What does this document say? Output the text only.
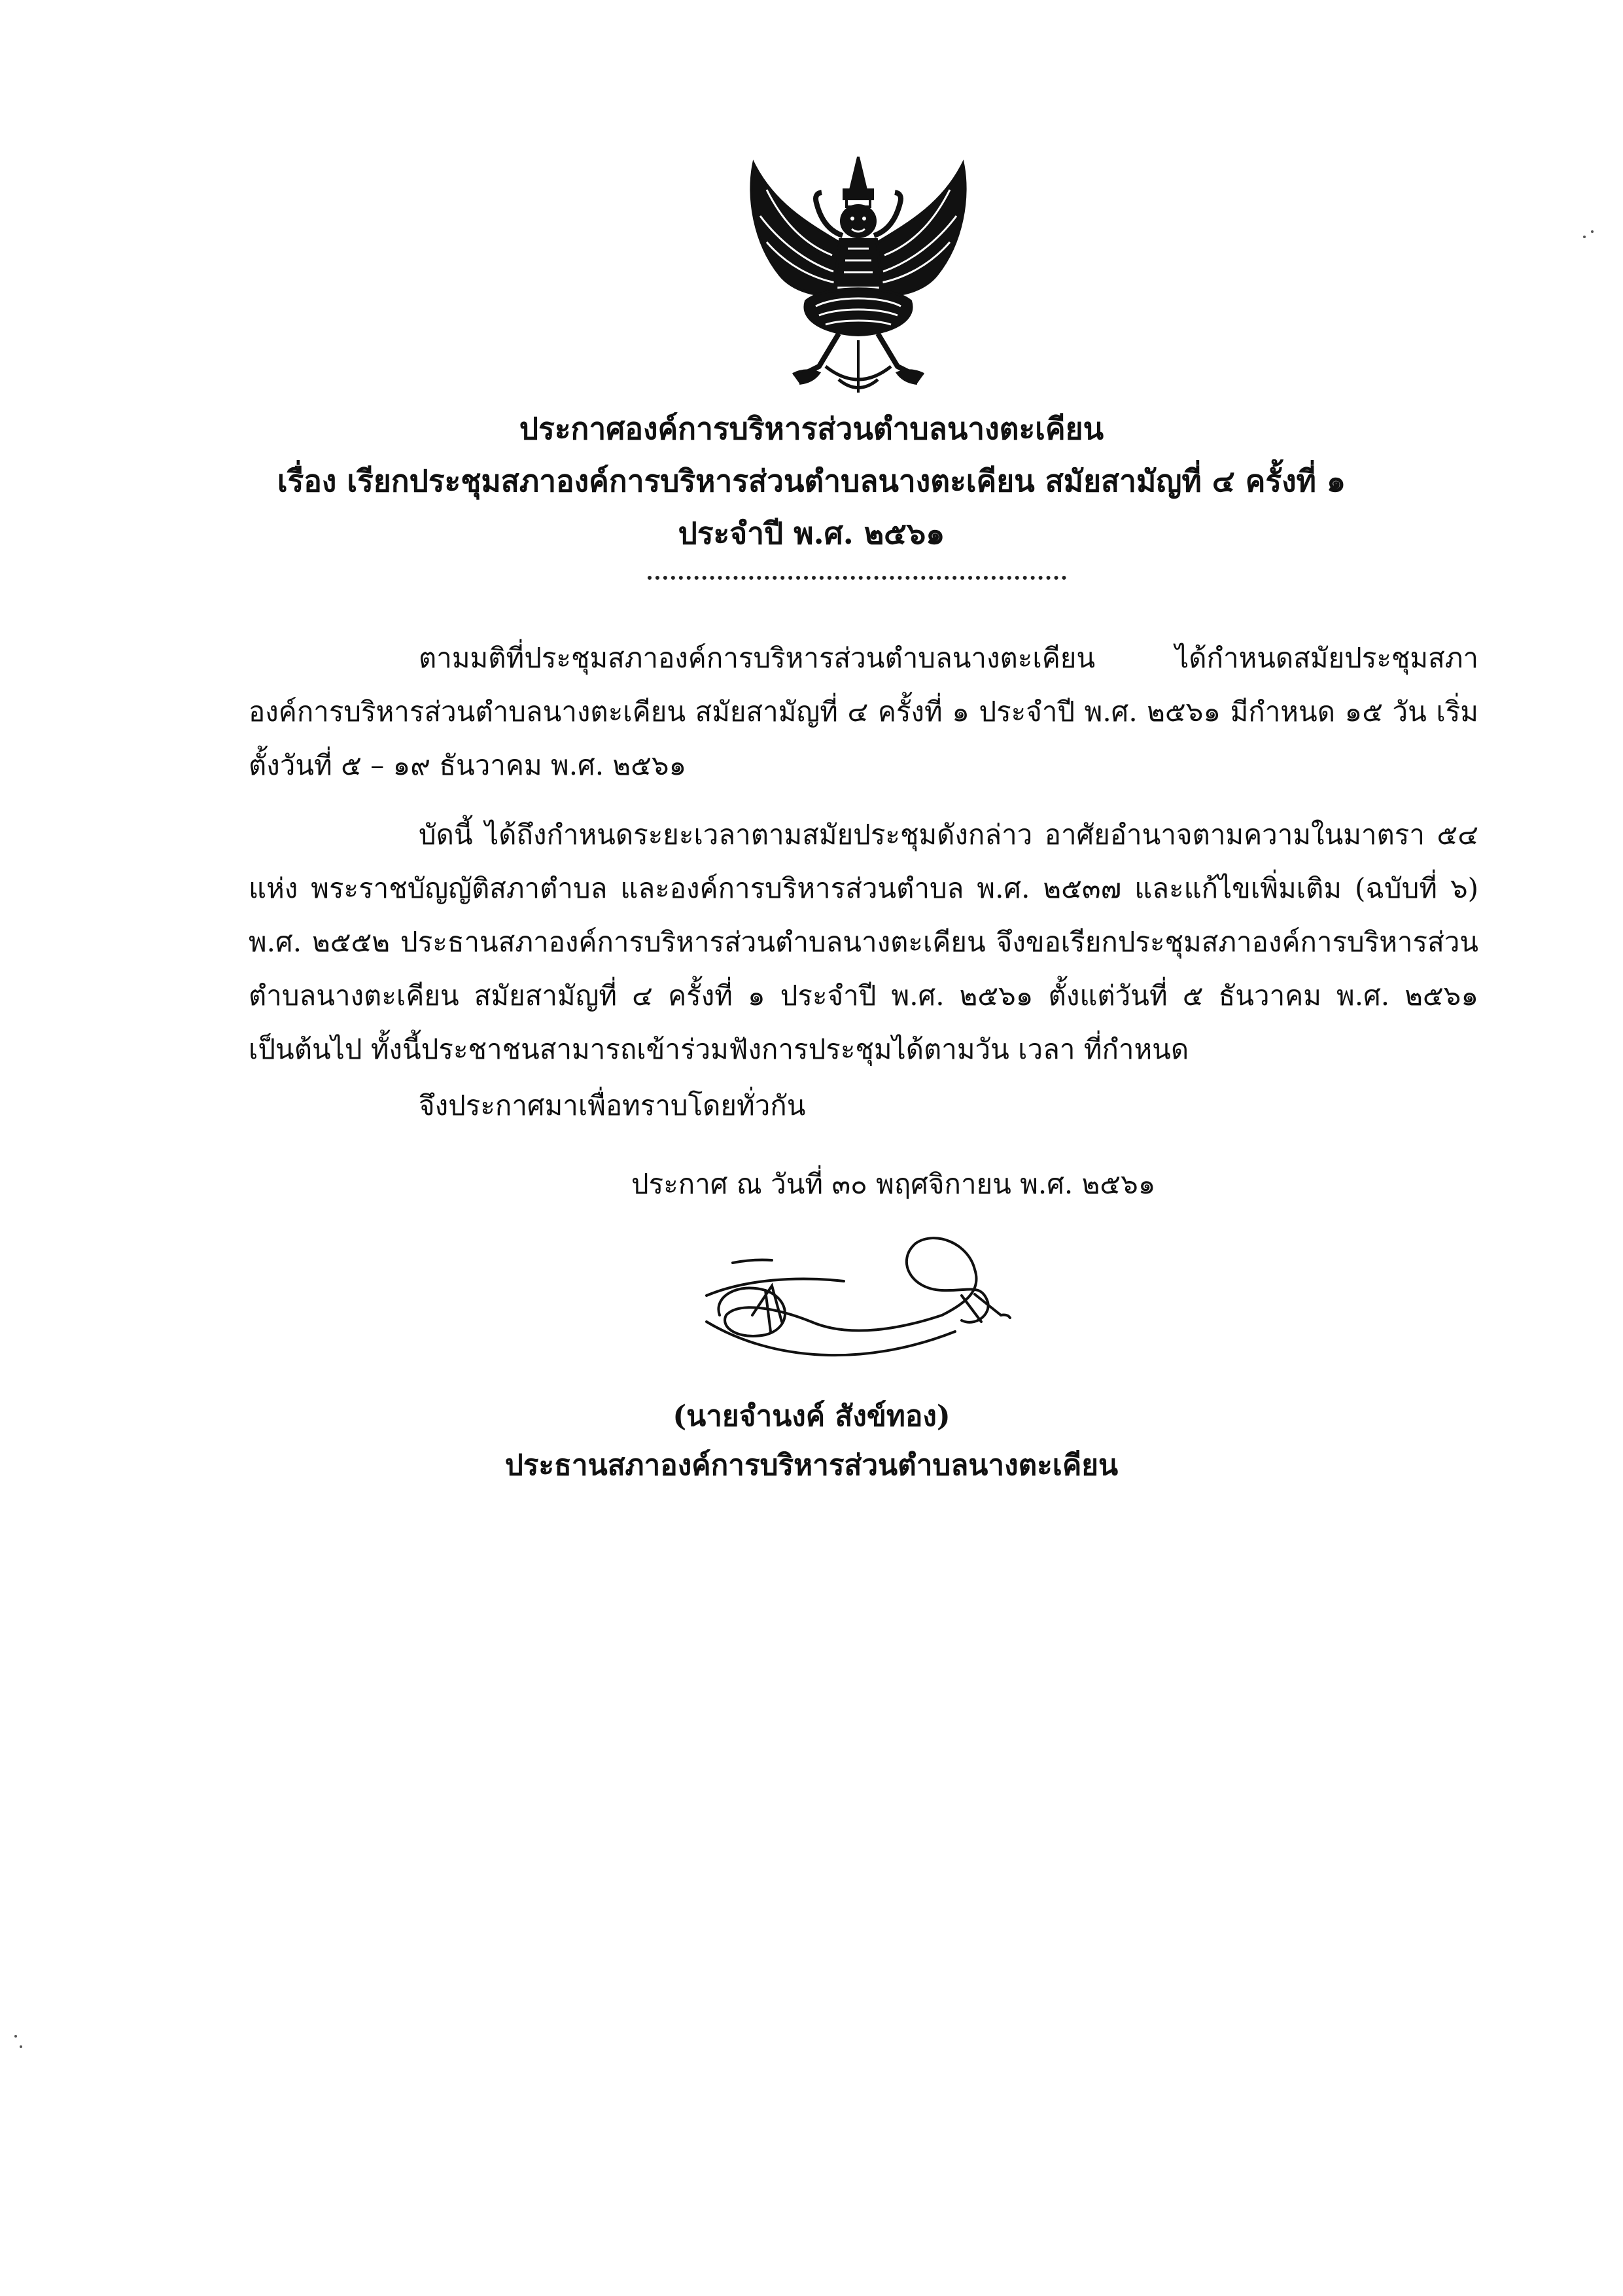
ประกาศองค์การบริหารส่วนตำบลนางตะเคียน
เรื่อง เรียกประชุมสภาองค์การบริหารส่วนตำบลนางตะเคียน สมัยสามัญที่ ๔ ครั้งที่ ๑
ประจำปี พ.ศ. ๒๕๖๑
ตามมติที่ประชุมสภาองค์การบริหารส่วนตำบลนางตะเคียน ได้กำหนดสมัยประชุมสภาองค์การบริหารส่วนตำบลนางตะเคียน สมัยสามัญที่ ๔ ครั้งที่ ๑ ประจำปี พ.ศ. ๒๕๖๑ มีกำหนด ๑๕ วัน เริ่มตั้งวันที่ ๕ – ๑๙ ธันวาคม พ.ศ. ๒๕๖๑
บัดนี้ ได้ถึงกำหนดระยะเวลาตามสมัยประชุมดังกล่าว อาศัยอำนาจตามความในมาตรา ๕๔ แห่ง พระราชบัญญัติสภาตำบล และองค์การบริหารส่วนตำบล พ.ศ. ๒๕๓๗ และแก้ไขเพิ่มเติม (ฉบับที่ ๖) พ.ศ. ๒๕๕๒ ประธานสภาองค์การบริหารส่วนตำบลนางตะเคียน จึงขอเรียกประชุมสภาองค์การบริหารส่วนตำบลนางตะเคียน สมัยสามัญที่ ๔ ครั้งที่ ๑ ประจำปี พ.ศ. ๒๕๖๑ ตั้งแต่วันที่ ๕ ธันวาคม พ.ศ. ๒๕๖๑ เป็นต้นไป ทั้งนี้ประชาชนสามารถเข้าร่วมฟังการประชุมได้ตามวัน เวลา ที่กำหนด
จึงประกาศมาเพื่อทราบโดยทั่วกัน
ประกาศ ณ วันที่ ๓๐ พฤศจิกายน พ.ศ. ๒๕๖๑
(นายจำนงค์ สังข์ทอง)
ประธานสภาองค์การบริหารส่วนตำบลนางตะเคียน
